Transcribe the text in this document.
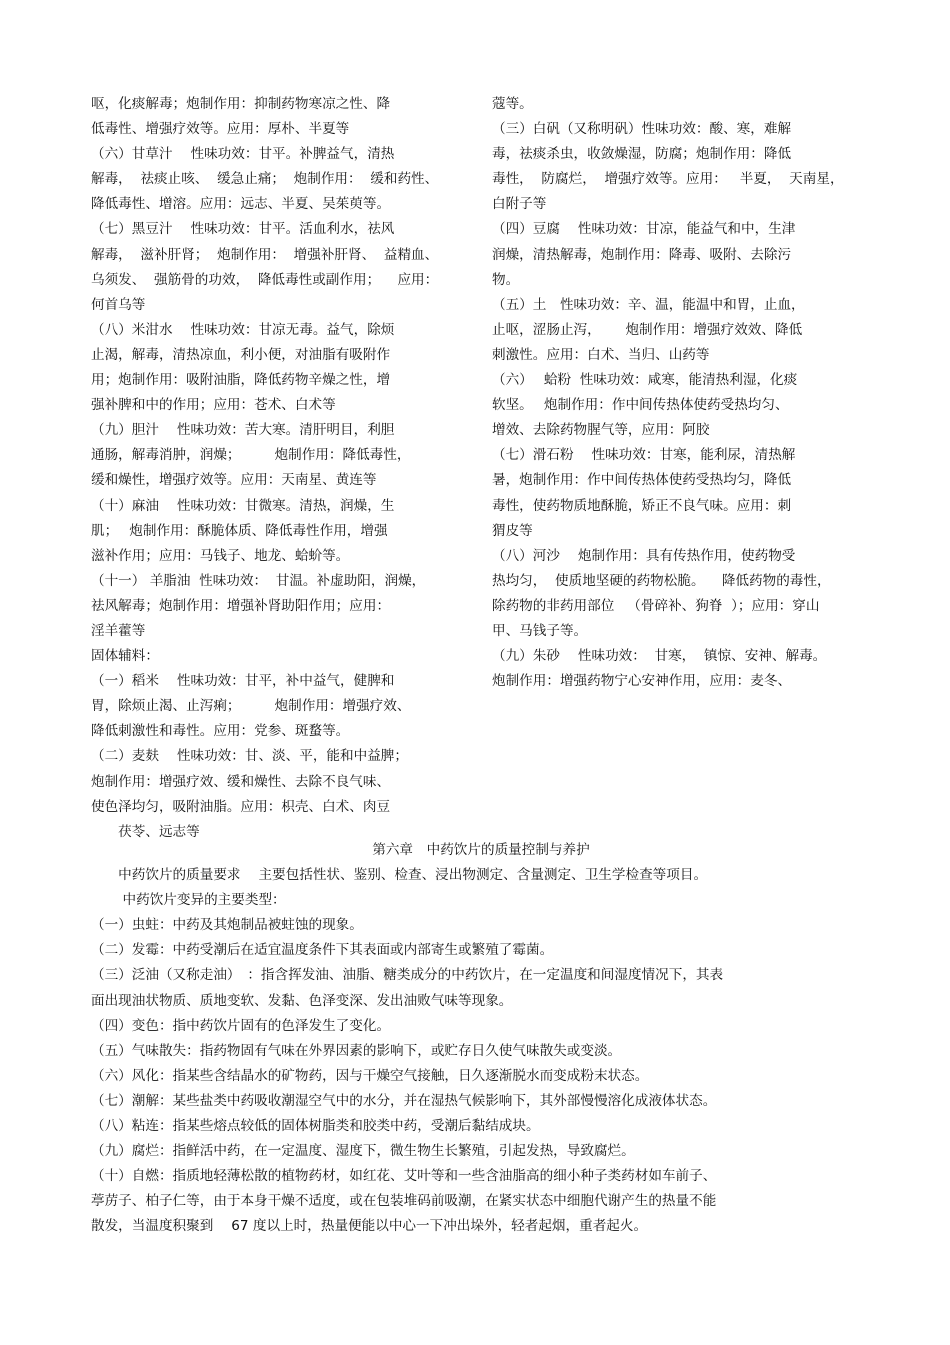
呕，化痰解毒；炮制作用：抑制药物寒凉之性、降
低毒性、增强疗效等。应用：厚朴、半夏等
（六）甘草汁　 性味功效：甘平。补脾益气，清热
解毒，  祛痰止咳、  缓急止痛；  炮制作用：  缓和药性、
降低毒性、增溶。应用：远志、半夏、吴茱萸等。
（七）黑豆汁　 性味功效：甘平。活血利水，祛风
解毒，  滋补肝肾；  炮制作用：  增强补肝肾、  益精血、
乌须发、  强筋骨的功效，  降低毒性或副作用；    应用：
何首乌等
（八）米泔水　 性味功效：甘凉无毒。益气，除烦
止渴，解毒，清热凉血，利小便，对油脂有吸附作
用；炮制作用：吸附油脂，降低药物辛燥之性，增
强补脾和中的作用；应用：苍术、白术等
（九）胆汁　 性味功效：苦大寒。清肝明目，利胆
通肠，解毒消肿，润燥；　　　炮制作用：降低毒性，
缓和燥性，增强疗效等。应用：天南星、黄连等
（十）麻油　 性味功效：甘微寒。清热，润燥，生
肌；　 炮制作用：酥脆体质、降低毒性作用，增强
滋补作用；应用：马钱子、地龙、蛤蚧等。
（十一） 羊脂油  性味功效：  甘温。补虚助阳，润燥，
祛风解毒；炮制作用：增强补肾助阳作用；应用：
淫羊藿等
固体辅料：
（一）稻米　 性味功效：甘平，补中益气，健脾和
胃，除烦止渴、止泻痢；　　　炮制作用：增强疗效、
降低刺激性和毒性。应用：党参、斑蝥等。
（二）麦麸　 性味功效：甘、淡、平，能和中益脾；
炮制作用：增强疗效、缓和燥性、去除不良气味、
使色泽均匀，吸附油脂。应用：枳壳、白术、肉豆
　　茯苓、远志等
蔻等。
（三）白矾（又称明矾）性味功效：酸、寒，难解
毒，祛痰杀虫，收敛燥湿，防腐；炮制作用：降低
毒性，  防腐烂，  增强疗效等。应用：   半夏，  天南星，
白附子等
（四）豆腐　 性味功效：甘凉，能益气和中，生津
润燥，清热解毒，炮制作用：降毒、吸附、去除污
物。
（五）土　性味功效：辛、温，能温中和胃，止血，
止呕，涩肠止泻，　　 炮制作用：增强疗效效、降低
刺激性。应用：白术、当归、山药等
（六）　 蛤粉  性味功效：咸寒，能清热利湿，化痰
软坚。　 炮制作用：作中间传热体使药受热均匀、
增效、去除药物腥气等，应用：阿胶
（七）滑石粉　 性味功效：甘寒，能利尿，清热解
暑，炮制作用：作中间传热体使药受热均匀，降低
毒性，使药物质地酥脆，矫正不良气味。应用：刺
猬皮等
（八）河沙　 炮制作用：具有传热作用，使药物受
热均匀，  使质地坚硬的药物松脆。    降低药物的毒性，
除药物的非药用部位   （骨碎补、狗脊  ）；应用：穿山
甲、马钱子等。
（九）朱砂　 性味功效：  甘寒，  镇惊、安神、解毒。
炮制作用：增强药物宁心安神作用，应用：麦冬、
第六章　中药饮片的质量控制与养护
　　中药饮片的质量要求　 主要包括性状、鉴别、检查、浸出物测定、含量测定、卫生学检查等项目。
　　 中药饮片变异的主要类型：
（一）虫蛀：中药及其炮制品被蛀蚀的现象。
（二）发霉：中药受潮后在适宜温度条件下其表面或内部寄生或繁殖了霉菌。
（三）泛油（又称走油）　：指含挥发油、油脂、糖类成分的中药饮片，在一定温度和间湿度情况下，其表
面出现油状物质、质地变软、发黏、色泽变深、发出油败气味等现象。
（四）变色：指中药饮片固有的色泽发生了变化。
（五）气味散失：指药物固有气味在外界因素的影响下，或贮存日久使气味散失或变淡。
（六）风化：指某些含结晶水的矿物药，因与干燥空气接触，日久逐渐脱水而变成粉末状态。
（七）潮解：某些盐类中药吸收潮湿空气中的水分，并在湿热气候影响下，其外部慢慢溶化成液体状态。
（八）粘连：指某些熔点较低的固体树脂类和胶类中药，受潮后黏结成块。
（九）腐烂：指鲜活中药，在一定温度、湿度下，微生物生长繁殖，引起发热，导致腐烂。
（十）自燃：指质地轻薄松散的植物药材，如红花、艾叶等和一些含油脂高的细小种子类药材如车前子、
葶苈子、柏子仁等，由于本身干燥不适度，或在包装堆码前吸潮，在紧实状态中细胞代谢产生的热量不能
散发，当温度积聚到　 67 度以上时，热量便能以中心一下冲出垛外，轻者起烟，重者起火。
